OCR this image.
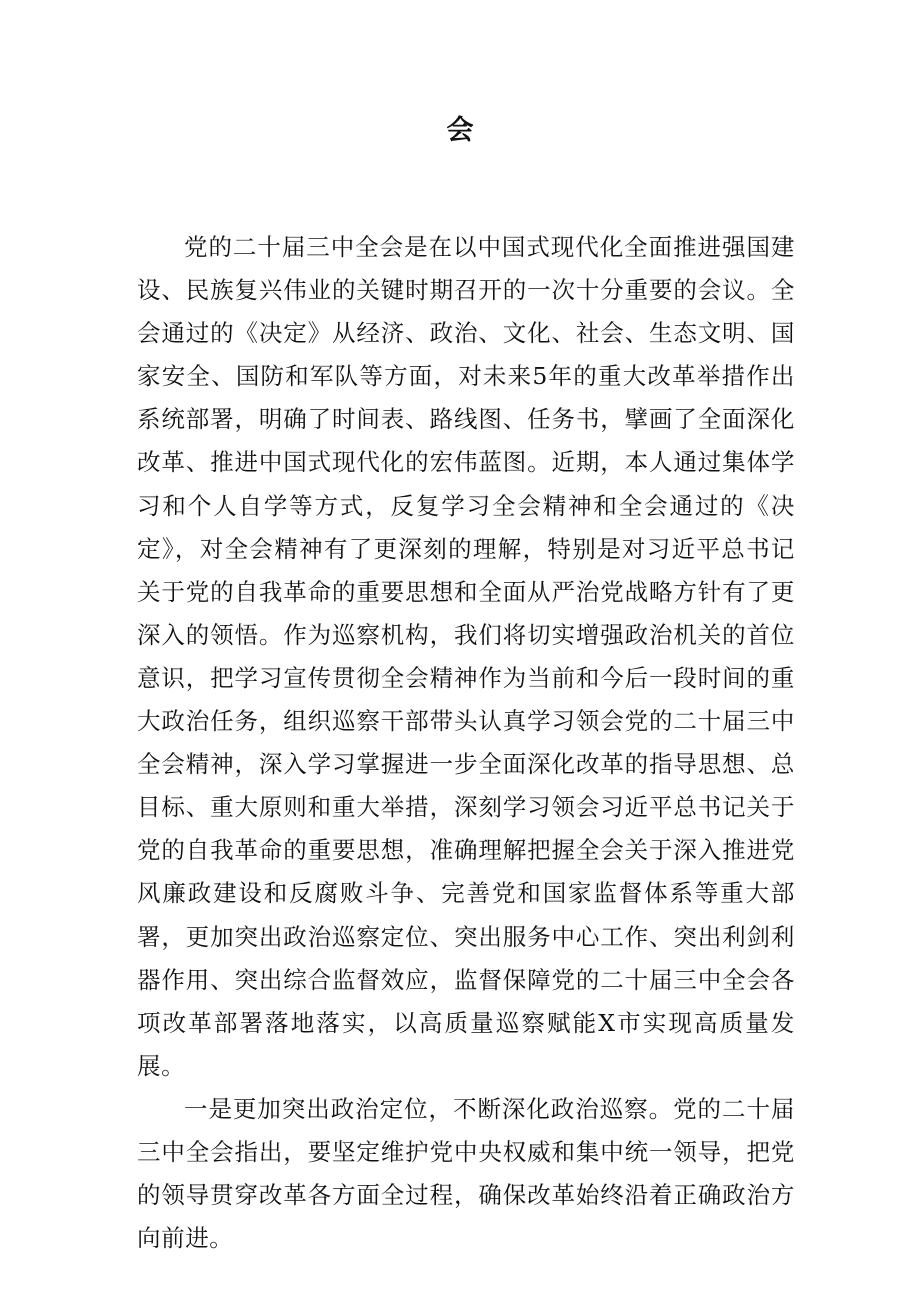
会

党的二十届三中全会是在以中国式现代化全面推进强国建设、民族复兴伟业的关键时期召开的一次十分重要的会议。全会通过的《决定》从经济、政治、文化、社会、生态文明、国家安全、国防和军队等方面，对未来5年的重大改革举措作出系统部署，明确了时间表、路线图、任务书，擘画了全面深化改革、推进中国式现代化的宏伟蓝图。近期，本人通过集体学习和个人自学等方式，反复学习全会精神和全会通过的《决定》，对全会精神有了更深刻的理解，特别是对习近平总书记关于党的自我革命的重要思想和全面从严治党战略方针有了更深入的领悟。作为巡察机构，我们将切实增强政治机关的首位意识，把学习宣传贯彻全会精神作为当前和今后一段时间的重大政治任务，组织巡察干部带头认真学习领会党的二十届三中全会精神，深入学习掌握进一步全面深化改革的指导思想、总目标、重大原则和重大举措，深刻学习领会习近平总书记关于党的自我革命的重要思想，准确理解把握全会关于深入推进党风廉政建设和反腐败斗争、完善党和国家监督体系等重大部署，更加突出政治巡察定位、突出服务中心工作、突出利剑利器作用、突出综合监督效应，监督保障党的二十届三中全会各项改革部署落地落实，以高质量巡察赋能X市实现高质量发展。

一是更加突出政治定位，不断深化政治巡察。党的二十届三中全会指出，要坚定维护党中央权威和集中统一领导，把党的领导贯穿改革各方面全过程，确保改革始终沿着正确政治方向前进。
